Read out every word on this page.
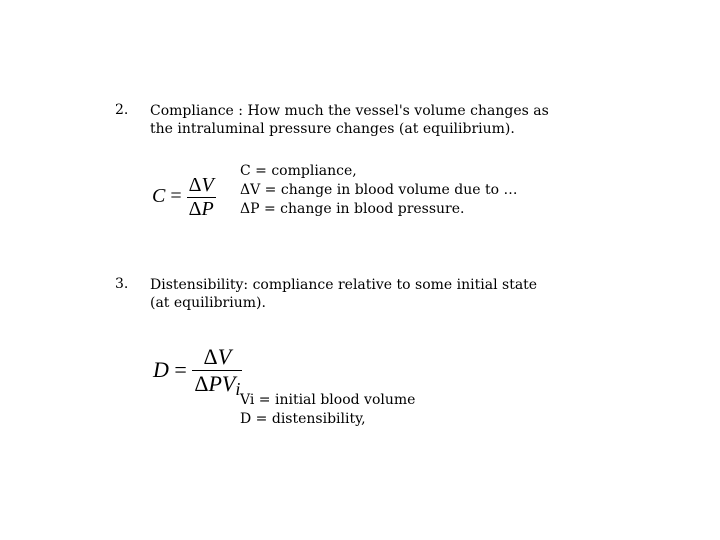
2. Compliance : How much the vessel's volume changes as the intraluminal pressure changes (at equilibrium).
$C = \frac{\Delta V}{\Delta P}$
C = compliance,
ΔV = change in blood volume due to …
ΔP = change in blood pressure.
3. Distensibility: compliance relative to some initial state (at equilibrium).
$D = \frac{\Delta V}{\text{ΔPVi}}$
Vi = initial blood volume
D = distensibility,
